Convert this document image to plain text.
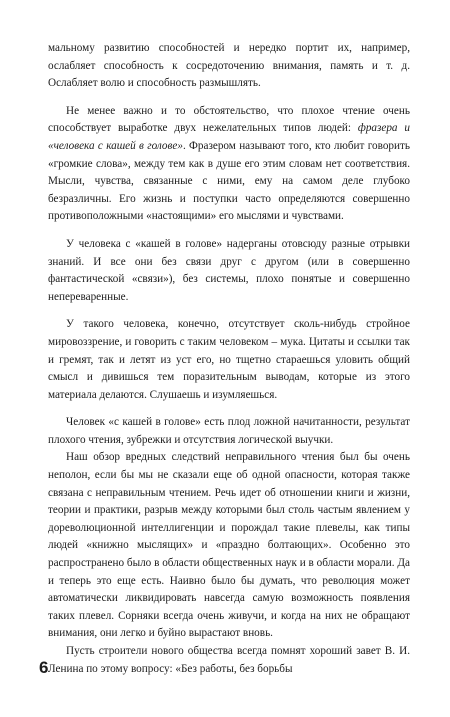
мальному развитию способностей и нередко портит их, например, ослабляет способность к сосредоточению внимания, память и т. д. Ослабляет волю и способность размышлять.

Не менее важно и то обстоятельство, что плохое чтение очень способствует выработке двух нежелательных типов людей: фразера и «человека с кашей в голове». Фразером называют того, кто любит говорить «громкие слова», между тем как в душе его этим словам нет соответствия. Мысли, чувства, связанные с ними, ему на самом деле глубоко безразличны. Его жизнь и поступки часто определяются совершенно противоположными «настоящими» его мыслями и чувствами.

У человека с «кашей в голове» надерганы отовсюду разные отрывки знаний. И все они без связи друг с другом (или в совершенно фантастической «связи»), без системы, плохо понятые и совершенно непереваренные.

У такого человека, конечно, отсутствует сколь-нибудь стройное мировоззрение, и говорить с таким человеком – мука. Цитаты и ссылки так и гремят, так и летят из уст его, но тщетно стараешься уловить общий смысл и дивишься тем поразительным выводам, которые из этого материала делаются. Слушаешь и изумляешься.

Человек «с кашей в голове» есть плод ложной начитанности, результат плохого чтения, зубрежки и отсутствия логической выучки.

Наш обзор вредных следствий неправильного чтения был бы очень неполон, если бы мы не сказали еще об одной опасности, которая также связана с неправильным чтением. Речь идет об отношении книги и жизни, теории и практики, разрыв между которыми был столь частым явлением у дореволюционной интеллигенции и порождал такие плевелы, как типы людей «книжно мыслящих» и «праздно болтающих». Особенно это распространено было в области общественных наук и в области морали. Да и теперь это еще есть. Наивно было бы думать, что революция может автоматически ликвидировать навсегда самую возможность появления таких плевел. Сорняки всегда очень живучи, и когда на них не обращают внимания, они легко и буйно вырастают вновь.

Пусть строители нового общества всегда помнят хороший завет В. И. Ленина по этому вопросу: «Без работы, без борьбы

6
